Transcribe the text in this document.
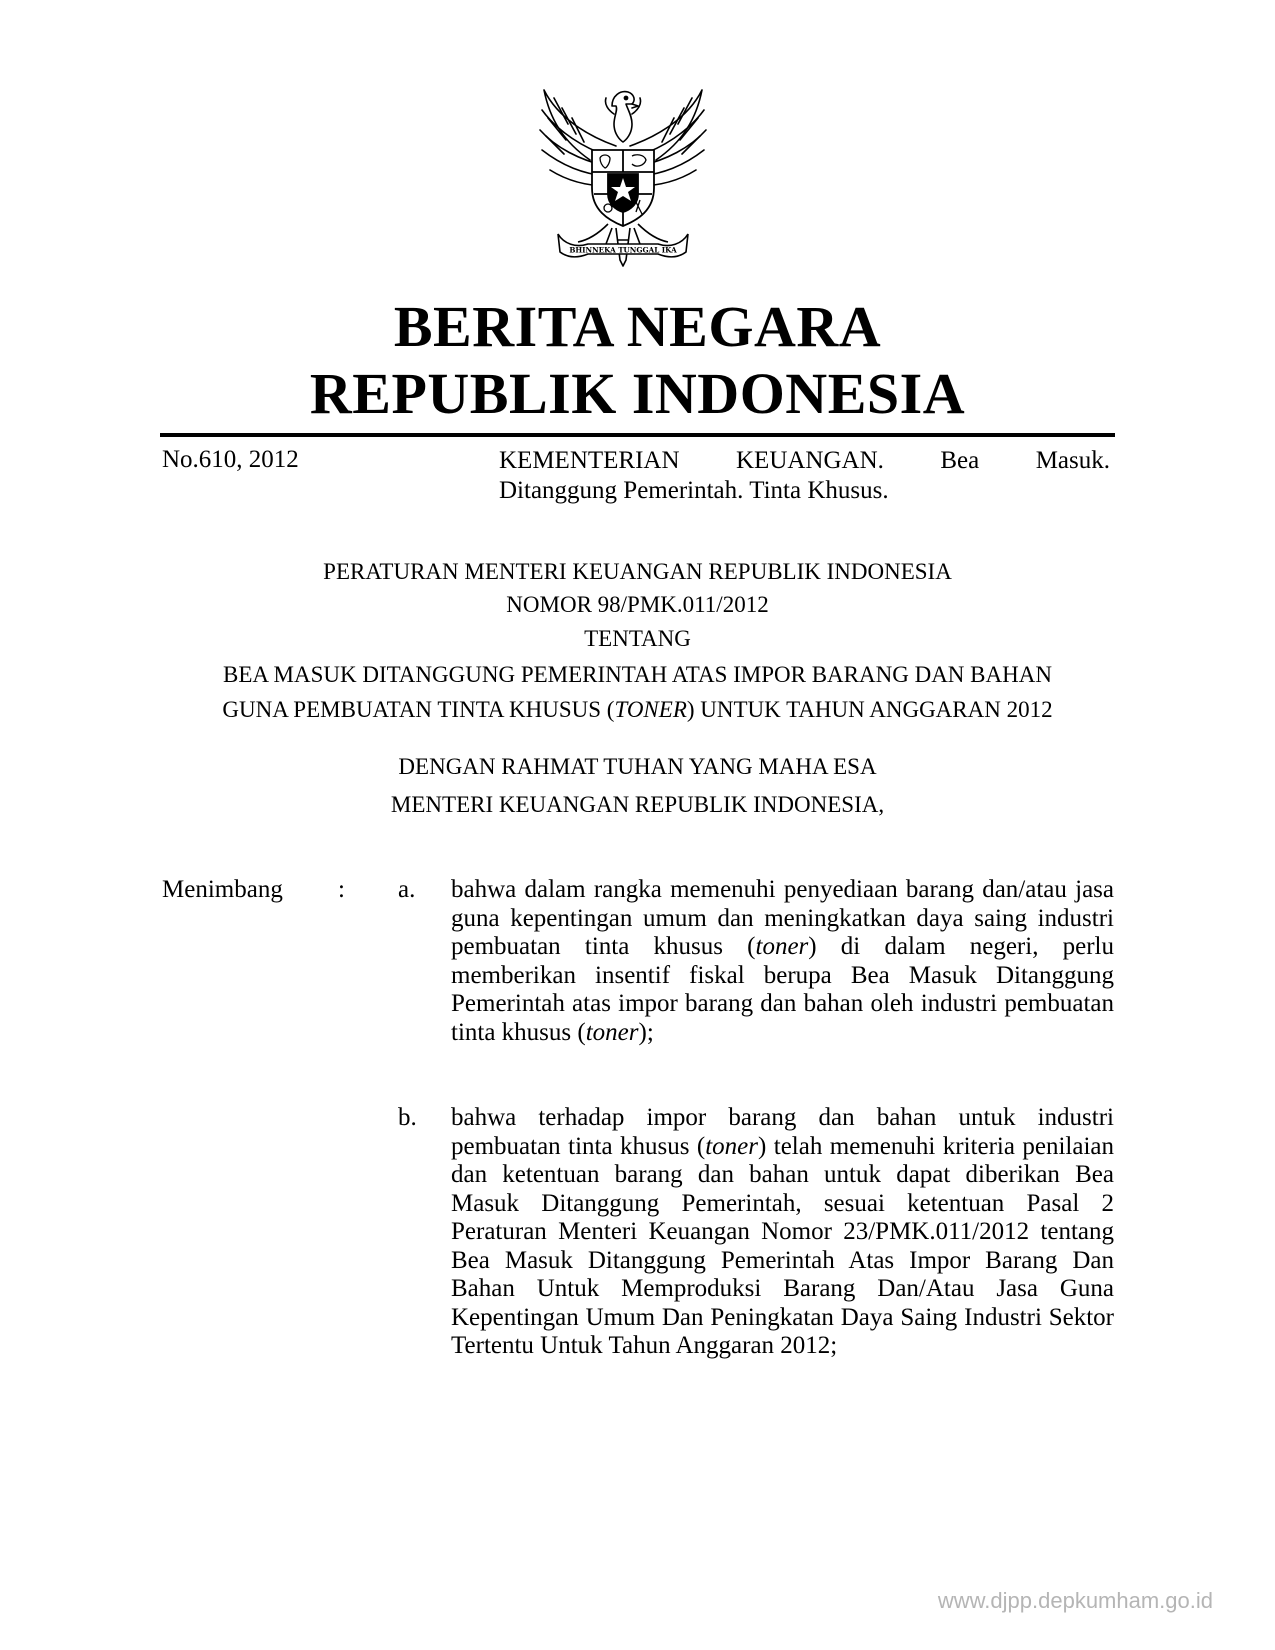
BHINNEKA TUNGGAL IKA
BERITA NEGARA
REPUBLIK INDONESIA
No.610, 2012	KEMENTERIAN KEUANGAN. Bea Masuk.
Ditanggung Pemerintah. Tinta Khusus.
PERATURAN MENTERI KEUANGAN REPUBLIK INDONESIA
NOMOR 98/PMK.011/2012
TENTANG
BEA MASUK DITANGGUNG PEMERINTAH ATAS IMPOR BARANG DAN BAHAN
GUNA PEMBUATAN TINTA KHUSUS (TONER) UNTUK TAHUN ANGGARAN 2012
DENGAN RAHMAT TUHAN YANG MAHA ESA
MENTERI KEUANGAN REPUBLIK INDONESIA,
Menimbang : a. bahwa dalam rangka memenuhi penyediaan barang dan/atau jasa guna kepentingan umum dan meningkatkan daya saing industri pembuatan tinta khusus (toner) di dalam negeri, perlu memberikan insentif fiskal berupa Bea Masuk Ditanggung Pemerintah atas impor barang dan bahan oleh industri pembuatan tinta khusus (toner);
b. bahwa terhadap impor barang dan bahan untuk industri pembuatan tinta khusus (toner) telah memenuhi kriteria penilaian dan ketentuan barang dan bahan untuk dapat diberikan Bea Masuk Ditanggung Pemerintah, sesuai ketentuan Pasal 2 Peraturan Menteri Keuangan Nomor 23/PMK.011/2012 tentang Bea Masuk Ditanggung Pemerintah Atas Impor Barang Dan Bahan Untuk Memproduksi Barang Dan/Atau Jasa Guna Kepentingan Umum Dan Peningkatan Daya Saing Industri Sektor Tertentu Untuk Tahun Anggaran 2012;
www.djpp.depkumham.go.id
